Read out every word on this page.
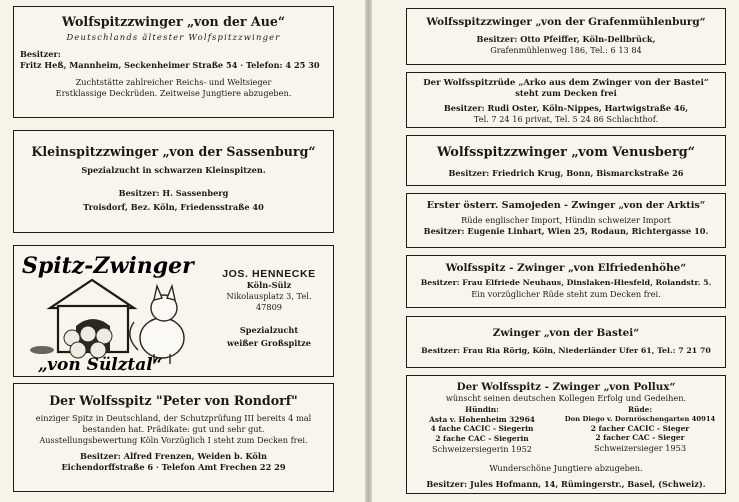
Wolfspitzzwinger „von der Aue“
Deutschlands ältester Wolfspitzzwinger
Besitzer:
Fritz Heß, Mannheim, Seckenheimer Straße 54 · Telefon: 4 25 30
Zuchtstätte zahlreicher Reichs- und Weltsieger
Erstklassige Deckrüden. Zeitweise Jungtiere abzugeben.
Kleinspitzzwinger „von der Sassenburg“
Spezialzucht in schwarzen Kleinspitzen.
Besitzer: H. Sassenberg
Troisdorf, Bez. Köln, Friedensstraße 40
Spitz-Zwinger
„von Sülztal“
JOS. HENNECKE
Köln-Sülz
Nikolausplatz 3, Tel. 47809
Spezialzucht
weißer Großspitze
Der Wolfsspitz "Peter von Rondorf"
einziger Spitz in Deutschland, der Schutzprüfung III bereits 4 mal
bestanden hat. Prädikate: gut und sehr gut.
Ausstellungsbewertung Köln Vorzüglich I steht zum Decken frei.
Besitzer: Alfred Frenzen, Weiden b. Köln
Eichendorffstraße 6 · Telefon Amt Frechen 22 29
Wolfsspitzzwinger „von der Grafenmühlenburg“
Besitzer: Otto Pfeiffer, Köln-Dellbrück,
Grafenmühlenweg 186, Tel.: 6 13 84
Der Wolfsspitzrüde „Arko aus dem Zwinger von der Bastei“
steht zum Decken frei
Besitzer: Rudi Oster, Köln-Nippes, Hartwigstraße 46,
Tel. 7 24 16 privat, Tel. 5 24 86 Schlachthof.
Wolfsspitzzwinger „vom Venusberg“
Besitzer: Friedrich Krug, Bonn, Bismarckstraße 26
Erster österr. Samojeden - Zwinger „von der Arktis“
Rüde englischer Import, Hündin schweizer Import
Besitzer: Eugenie Linhart, Wien 25, Rodaun, Richtergasse 10.
Wolfsspitz - Zwinger „von Elfriedenhöhe“
Besitzer: Frau Elfriede Neuhaus, Dinslaken-Hiesfeld, Rolandstr. 5.
Ein vorzüglicher Rüde steht zum Decken frei.
Zwinger „von der Bastei“
Besitzer: Frau Ria Rörig, Köln, Niederländer Ufer 61, Tel.: 7 21 70
Der Wolfsspitz - Zwinger „von Pollux“
wünscht seinen deutschen Kollegen Erfolg und Gedeihen.
Hündin:
Asta v. Hohenheim 32964
4 fache CACIC - Siegerin
2 fache CAC - Siegerin
Schweizersiegerin 1952
Rüde:
Don Diego v. Dornröschengarten 40914
2 facher CACIC - Sieger
2 facher CAC - Sieger
Schweizersieger 1953
Wunderschöne Jungtiere abzugeben.
Besitzer: Jules Hofmann, 14, Rümingerstr., Basel, (Schweiz).
